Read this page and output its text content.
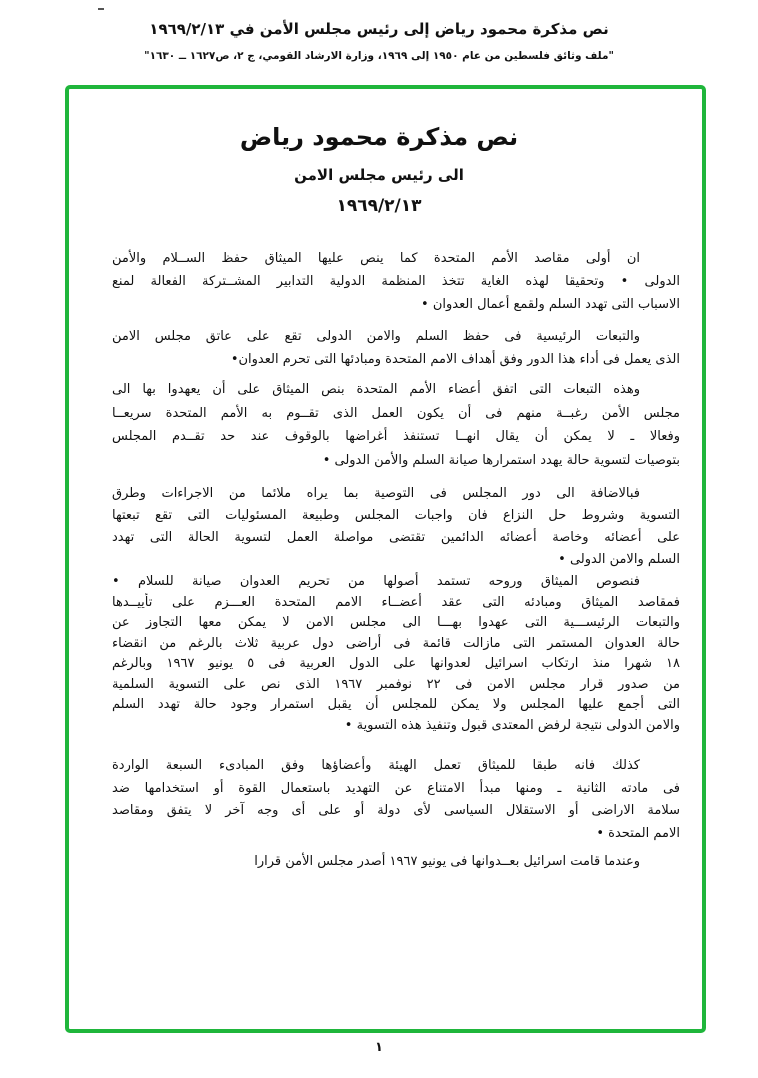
نص مذكرة محمود رياض إلى رئيس مجلس الأمن في ١٩٦٩/٢/١٣
"ملف وثائق فلسطين من عام ١٩٥٠ إلى ١٩٦٩، وزارة الارشاد القومي، ج ٢، ص١٦٢٧ ــ ١٦٣٠"
نص مذكرة محمود رياض
الى رئيس مجلس الامن
١٩٦٩/٢/١٣
ان أولى مقاصد الأمم المتحدة كما ينص عليها الميثاق حفظ الســلام والأمن
الدولى • وتحقيقا لهذه الغاية تتخذ المنظمة الدولية التدابير المشــتركة الفعالة لمنع
الاسباب التى تهدد السلم ولقمع أعمال العدوان •
والتبعات الرئيسية فى حفظ السلم والامن الدولى تقع على عاتق مجلس الامن
الذى يعمل فى أداء هذا الدور وفق أهداف الامم المتحدة ومبادئها التى تحرم العدوان•
وهذه التبعات التى اتفق أعضاء الأمم المتحدة بنص الميثاق على أن يعهدوا بها الى
مجلس الأمن رغبــة منهم فى أن يكون العمل الذى تقــوم به الأمم المتحدة سريعــا
وفعالا ـ لا يمكن أن يقال انهــا تستنفذ أغراضها بالوقوف عند حد تقــدم المجلس
بتوصيات لتسوية حالة يهدد استمرارها صيانة السلم والأمن الدولى •
فبالاضافة الى دور المجلس فى التوصية بما يراه ملائما من الاجراءات وطرق
التسوية وشروط حل النزاع فان واجبات المجلس وطبيعة المسئوليات التى تقع تبعتها
على أعضائه وخاصة أعضائه الدائمين تقتضى مواصلة العمل لتسوية الحالة التى تهدد
السلم والامن الدولى •
فنصوص الميثاق وروحه تستمد أصولها من تحريم العدوان صيانة للسلام •
فمقاصد الميثاق ومبادئه التى عقد أعضــاء الامم المتحدة العـــزم على تأييــدها
والتبعات الرئيســـية التى عهدوا بهـــا الى مجلس الامن لا يمكن معها التجاوز عن
حالة العدوان المستمر التى مازالت قائمة فى أراضى دول عربية ثلاث بالرغم من انقضاء
١٨ شهرا منذ ارتكاب اسرائيل لعدوانها على الدول العربية فى ٥ يونيو ١٩٦٧ وبالرغم
من صدور قرار مجلس الامن فى ٢٢ نوفمبر ١٩٦٧ الذى نص على التسوية السلمية
التى أجمع عليها المجلس ولا يمكن للمجلس أن يقبل استمرار وجود حالة تهدد السلم
والامن الدولى نتيجة لرفض المعتدى قبول وتنفيذ هذه التسوية •
كذلك فانه طبقا للميثاق تعمل الهيئة وأعضاؤها وفق المبادىء السبعة الواردة
فى مادته الثانية ـ ومنها مبدأ الامتناع عن التهديد باستعمال القوة أو استخدامها ضد
سلامة الاراضى أو الاستقلال السياسى لأى دولة أو على أى وجه آخر لا يتفق ومقاصد
الامم المتحدة •
وعندما قامت اسرائيل بعــدوانها فى يونيو ١٩٦٧ أصدر مجلس الأمن قرارا
١
